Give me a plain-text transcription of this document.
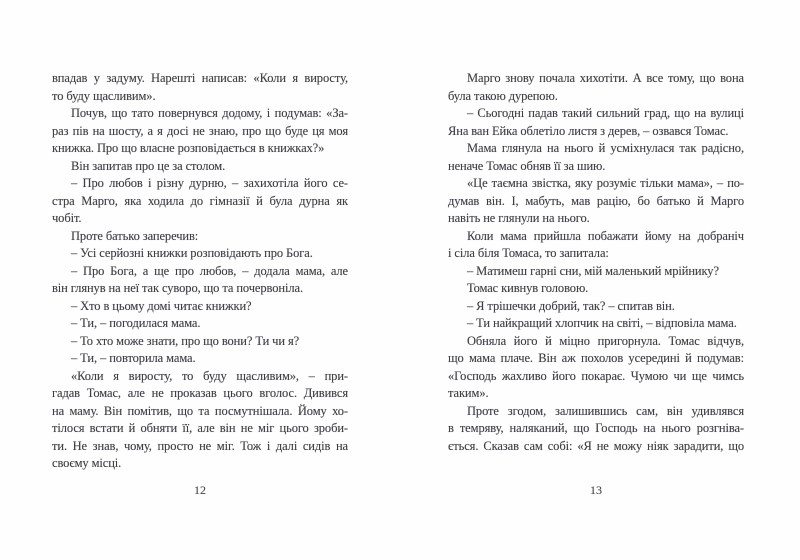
впадав у задуму. Нарешті написав: «Коли я виросту,
то буду щасливим».
Почув, що тато повернувся додому, і подумав: «За-
раз пів на шосту, а я досі не знаю, про що буде ця моя
книжка. Про що власне розповідається в книжках?»
Він запитав про це за столом.
– Про любов і різну дурню, – захихотіла його се-
стра Марго, яка ходила до гімназії й була дурна як
чобіт.
Проте батько заперечив:
– Усі серйозні книжки розповідають про Бога.
– Про Бога, а ще про любов, – додала мама, але
він глянув на неї так суворо, що та почервоніла.
– Хто в цьому домі читає книжки?
– Ти, – погодилася мама.
– То хто може знати, про що вони? Ти чи я?
– Ти, – повторила мама.
«Коли я виросту, то буду щасливим», – при-
гадав Томас, але не проказав цього вголос. Дивився
на маму. Він помітив, що та посмутнішала. Йому хо-
тілося встати й обняти її, але він не міг цього зроби-
ти. Не знав, чому, просто не міг. Тож і далі сидів на
своєму місці.
12
Марго знову почала хихотіти. А все тому, що вона
була такою дурепою.
– Сьогодні падав такий сильний град, що на вулиці
Яна ван Ейка облетіло листя з дерев, – озвався Томас.
Мама глянула на нього й усміхнулася так радісно,
неначе Томас обняв її за шию.
«Це таємна звістка, яку розуміє тільки мама», – по-
думав він. І, мабуть, мав рацію, бо батько й Марго
навіть не глянули на нього.
Коли мама прийшла побажати йому на добраніч
і сіла біля Томаса, то запитала:
– Матимеш гарні сни, мій маленький мрійнику?
Томас кивнув головою.
– Я трішечки добрий, так? – спитав він.
– Ти найкращий хлопчик на світі, – відповіла мама.
Обняла його й міцно пригорнула. Томас відчув,
що мама плаче. Він аж похолов усередині й подумав:
«Господь жахливо його покарає. Чумою чи ще чимсь
таким».
Проте згодом, залишившись сам, він удивлявся
в темряву, наляканий, що Господь на нього розгніва-
ється. Сказав сам собі: «Я не можу ніяк зарадити, що
13
